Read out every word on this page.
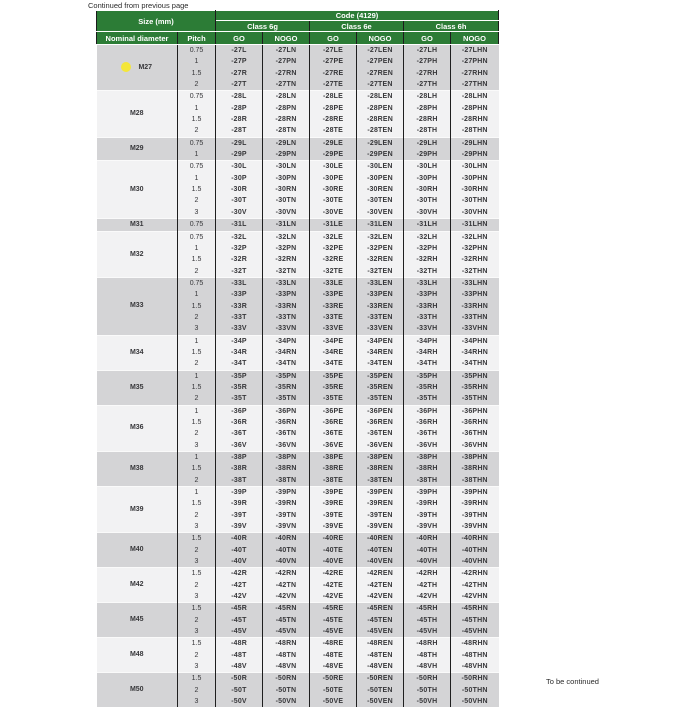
Continued from previous page
Size (mm)		Code (4129)					
		Class 6g		Class 6e		Class 6h	
Nominal diameter	Pitch	GO	NOGO	GO	NOGO	GO	NOGO
M27	0.75	-27L	-27LN	-27LE	-27LEN	-27LH	-27LHN
	1	-27P	-27PN	-27PE	-27PEN	-27PH	-27PHN
	1.5	-27R	-27RN	-27RE	-27REN	-27RH	-27RHN
	2	-27T	-27TN	-27TE	-27TEN	-27TH	-27THN
M28	0.75	-28L	-28LN	-28LE	-28LEN	-28LH	-28LHN
	1	-28P	-28PN	-28PE	-28PEN	-28PH	-28PHN
	1.5	-28R	-28RN	-28RE	-28REN	-28RH	-28RHN
	2	-28T	-28TN	-28TE	-28TEN	-28TH	-28THN
M29	0.75	-29L	-29LN	-29LE	-29LEN	-29LH	-29LHN
	1	-29P	-29PN	-29PE	-29PEN	-29PH	-29PHN
M30	0.75	-30L	-30LN	-30LE	-30LEN	-30LH	-30LHN
	1	-30P	-30PN	-30PE	-30PEN	-30PH	-30PHN
	1.5	-30R	-30RN	-30RE	-30REN	-30RH	-30RHN
	2	-30T	-30TN	-30TE	-30TEN	-30TH	-30THN
	3	-30V	-30VN	-30VE	-30VEN	-30VH	-30VHN
M31	0.75	-31L	-31LN	-31LE	-31LEN	-31LH	-31LHN
M32	0.75	-32L	-32LN	-32LE	-32LEN	-32LH	-32LHN
	1	-32P	-32PN	-32PE	-32PEN	-32PH	-32PHN
	1.5	-32R	-32RN	-32RE	-32REN	-32RH	-32RHN
	2	-32T	-32TN	-32TE	-32TEN	-32TH	-32THN
M33	0.75	-33L	-33LN	-33LE	-33LEN	-33LH	-33LHN
	1	-33P	-33PN	-33PE	-33PEN	-33PH	-33PHN
	1.5	-33R	-33RN	-33RE	-33REN	-33RH	-33RHN
	2	-33T	-33TN	-33TE	-33TEN	-33TH	-33THN
	3	-33V	-33VN	-33VE	-33VEN	-33VH	-33VHN
M34	1	-34P	-34PN	-34PE	-34PEN	-34PH	-34PHN
	1.5	-34R	-34RN	-34RE	-34REN	-34RH	-34RHN
	2	-34T	-34TN	-34TE	-34TEN	-34TH	-34THN
M35	1	-35P	-35PN	-35PE	-35PEN	-35PH	-35PHN
	1.5	-35R	-35RN	-35RE	-35REN	-35RH	-35RHN
	2	-35T	-35TN	-35TE	-35TEN	-35TH	-35THN
M36	1	-36P	-36PN	-36PE	-36PEN	-36PH	-36PHN
	1.5	-36R	-36RN	-36RE	-36REN	-36RH	-36RHN
	2	-36T	-36TN	-36TE	-36TEN	-36TH	-36THN
	3	-36V	-36VN	-36VE	-36VEN	-36VH	-36VHN
M38	1	-38P	-38PN	-38PE	-38PEN	-38PH	-38PHN
	1.5	-38R	-38RN	-38RE	-38REN	-38RH	-38RHN
	2	-38T	-38TN	-38TE	-38TEN	-38TH	-38THN
M39	1	-39P	-39PN	-39PE	-39PEN	-39PH	-39PHN
	1.5	-39R	-39RN	-39RE	-39REN	-39RH	-39RHN
	2	-39T	-39TN	-39TE	-39TEN	-39TH	-39THN
	3	-39V	-39VN	-39VE	-39VEN	-39VH	-39VHN
M40	1.5	-40R	-40RN	-40RE	-40REN	-40RH	-40RHN
	2	-40T	-40TN	-40TE	-40TEN	-40TH	-40THN
	3	-40V	-40VN	-40VE	-40VEN	-40VH	-40VHN
M42	1.5	-42R	-42RN	-42RE	-42REN	-42RH	-42RHN
	2	-42T	-42TN	-42TE	-42TEN	-42TH	-42THN
	3	-42V	-42VN	-42VE	-42VEN	-42VH	-42VHN
M45	1.5	-45R	-45RN	-45RE	-45REN	-45RH	-45RHN
	2	-45T	-45TN	-45TE	-45TEN	-45TH	-45THN
	3	-45V	-45VN	-45VE	-45VEN	-45VH	-45VHN
M48	1.5	-48R	-48RN	-48RE	-48REN	-48RH	-48RHN
	2	-48T	-48TN	-48TE	-48TEN	-48TH	-48THN
	3	-48V	-48VN	-48VE	-48VEN	-48VH	-48VHN
M50	1.5	-50R	-50RN	-50RE	-50REN	-50RH	-50RHN
	2	-50T	-50TN	-50TE	-50TEN	-50TH	-50THN
	3	-50V	-50VN	-50VE	-50VEN	-50VH	-50VHN
To be continued
